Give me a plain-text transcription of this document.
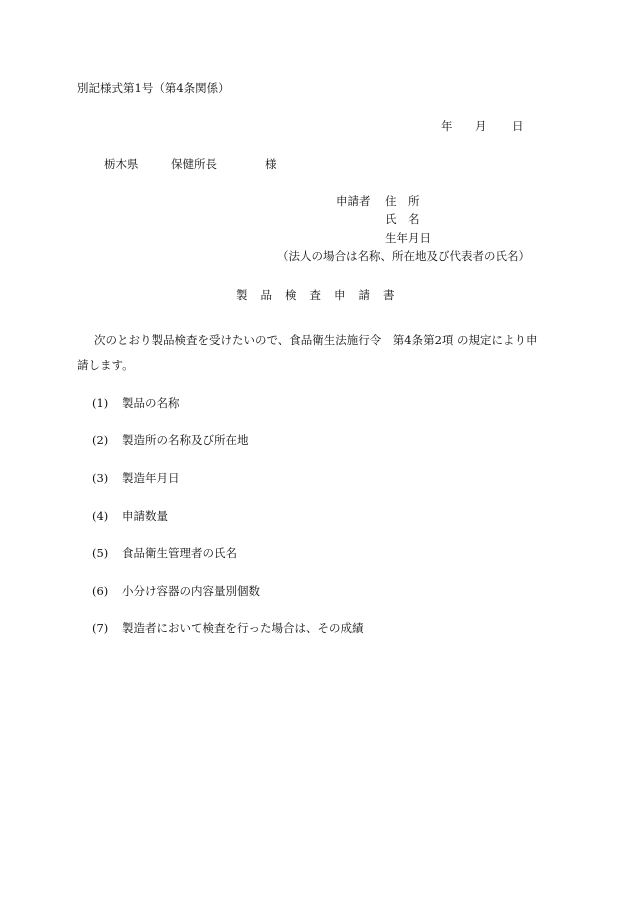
別記様式第1号（第4条関係）
年 月 日
栃木県	保健所長	様
申請者 住　所
氏　名
生年月日
（法人の場合は名称、所在地及び代表者の氏名）
製品検査申請書
次のとおり製品検査を受けたいので、食品衛生法施行令　第4条第2項 の規定により申
請します。
(1) 製品の名称
(2) 製造所の名称及び所在地
(3) 製造年月日
(4) 申請数量
(5) 食品衛生管理者の氏名
(6) 小分け容器の内容量別個数
(7) 製造者において検査を行った場合は、その成績
